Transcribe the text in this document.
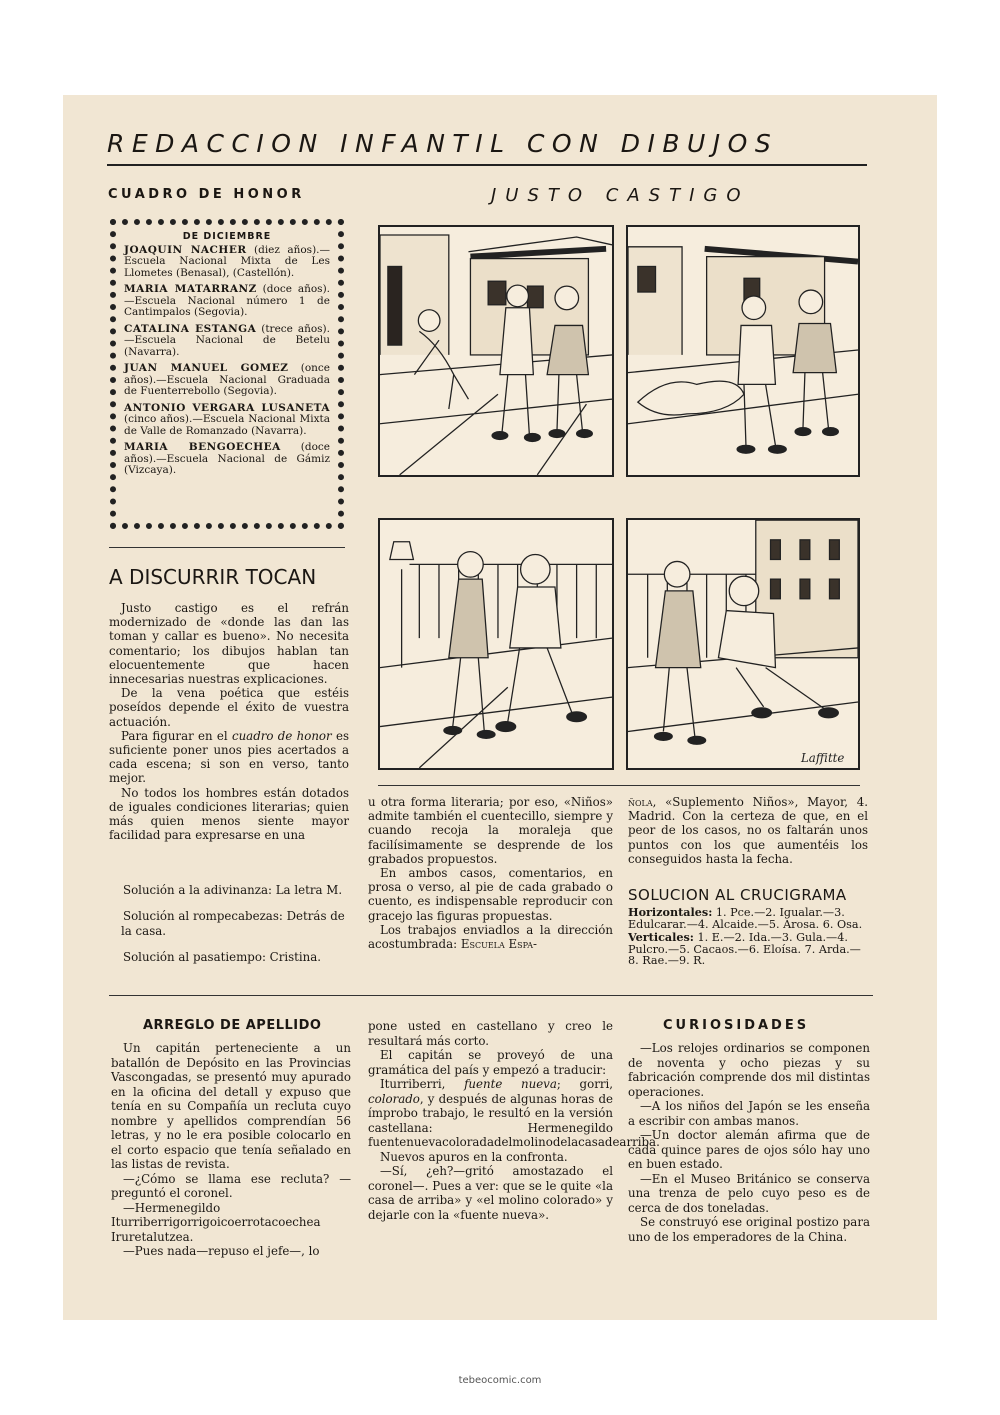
REDACCION INFANTIL CON DIBUJOS
CUADRO DE HONOR	JUSTO CASTIGO
DE DICIEMBRE
JOAQUIN NACHER (diez años).—Escuela Nacional Mixta de Les Llometes (Benasal), (Castellón).
MARIA MATARRANZ (doce años).—Escuela Nacional número 1 de Cantimpalos (Segovia).
CATALINA ESTANGA (trece años).—Escuela Nacional de Betelu (Navarra).
JUAN MANUEL GOMEZ (once años).—Escuela Nacional Graduada de Fuenterrebollo (Segovia).
ANTONIO VERGARA LUSANETA (cinco años).—Escuela Nacional Mixta de Valle de Romanzado (Navarra).
MARIA BENGOECHEA (doce años).—Escuela Nacional de Gámiz (Vizcaya).
A DISCURRIR TOCAN

Justo castigo es el refrán modernizado de «donde las dan las toman y callar es bueno». No necesita comentario; los dibujos hablan tan elocuentemente que hacen innecesarias nuestras explicaciones.

De la vena poética que estéis poseídos depende el éxito de vuestra actuación.

Para figurar en el cuadro de honor es suficiente poner unos pies acertados a cada escena; si son en verso, tanto mejor.

No todos los hombres están dotados de iguales condiciones literarias; quien más quien menos siente mayor facilidad para expresarse en una

Solución a la adivinanza: La letra M.

Solución al rompecabezas: Detrás de la casa.

Solución al pasatiempo: Cristina.

Laffitte

u otra forma literaria; por eso, «Niños» admite también el cuentecillo, siempre y cuando recoja la moraleja que facilísimamente se desprende de los grabados propuestos.

En ambos casos, comentarios, en prosa o verso, al pie de cada grabado o cuento, es indispensable reproducir con gracejo las figuras propuestas.

Los trabajos enviadlos a la dirección acostumbrada: Escuela Espa-

ñola, «Suplemento Niños», Mayor, 4. Madrid. Con la certeza de que, en el peor de los casos, no os faltarán unos puntos con los que aumentéis los conseguidos hasta la fecha.
SOLUCION AL CRUCIGRAMA

Horizontales: 1. Pce.—2. Igualar.—3. Edulcarar.—4. Alcaide.—5. Arosa. 6. Osa.

Verticales: 1. E.—2. Ida.—3. Gula.—4. Pulcro.—5. Cacaos.—6. Eloísa. 7. Arda.—8. Rae.—9. R.

ARREGLO DE APELLIDO

Un capitán perteneciente a un batallón de Depósito en las Provincias Vascongadas, se presentó muy apurado en la oficina del detall y expuso que tenía en su Compañía un recluta cuyo nombre y apellidos comprendían 56 letras, y no le era posible colocarlo en el corto espacio que tenía señalado en las listas de revista.

—¿Cómo se llama ese recluta? —preguntó el coronel.

—Hermenegildo Iturriberrigorrigoicoerrotacoechea Iruretalutzea.

—Pues nada—repuso el jefe—, lo

pone usted en castellano y creo le resultará más corto.

El capitán se proveyó de una gramática del país y empezó a traducir:

Iturriberri, fuente nueva; gorri, colorado, y después de algunas horas de ímprobo trabajo, le resultó en la versión castellana: Hermenegildo fuentenuevacoloradadelmolinodelacasadearriba.

Nuevos apuros en la confronta.

—Sí, ¿eh?—gritó amostazado el coronel—. Pues a ver: que se le quite «la casa de arriba» y «el molino colorado» y dejarle con la «fuente nueva».

CURIOSIDADES

—Los relojes ordinarios se componen de noventa y ocho piezas y su fabricación comprende dos mil distintas operaciones.

—A los niños del Japón se les enseña a escribir con ambas manos.

—Un doctor alemán afirma que de cada quince pares de ojos sólo hay uno en buen estado.

—En el Museo Británico se conserva una trenza de pelo cuyo peso es de cerca de dos toneladas.

Se construyó ese original postizo para uno de los emperadores de la China.

tebeocomic.com
